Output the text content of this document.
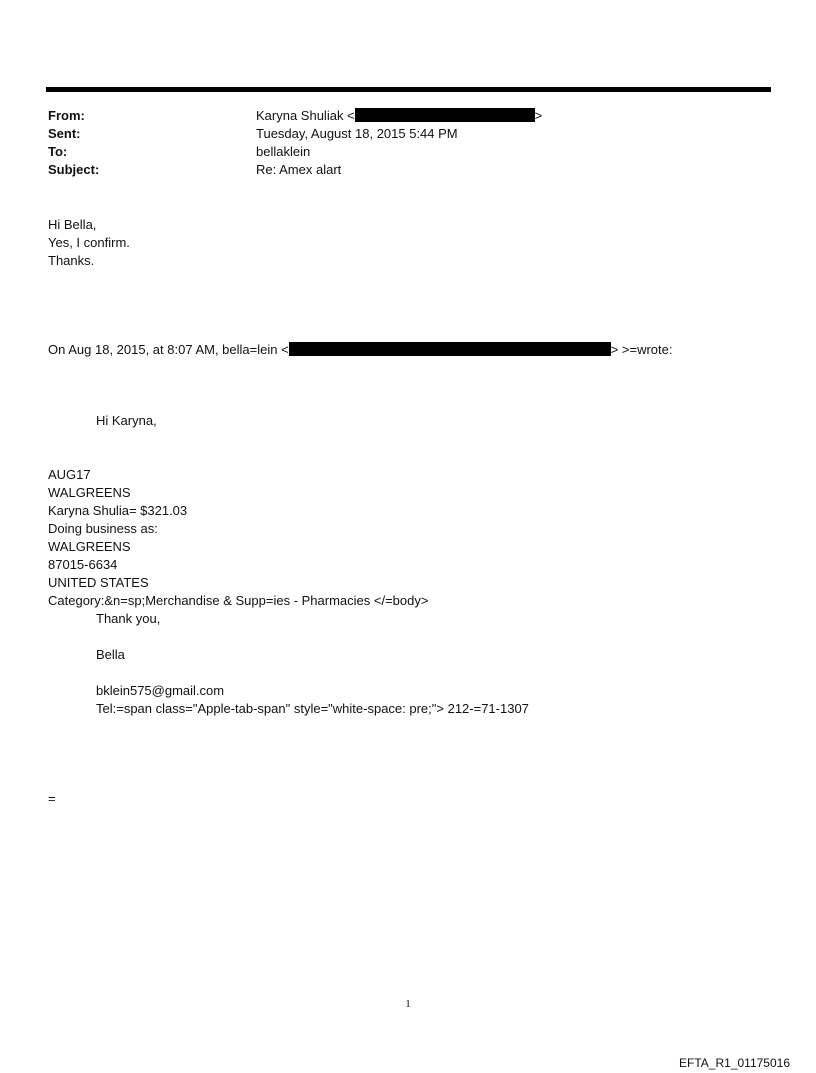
From:	Karyna Shuliak <	>
Sent:	Tuesday, August 18, 2015 5:44 PM
To:	bellaklein
Subject:	Re: Amex alart
Hi Bella,
Yes, I confirm.
Thanks.
On Aug 18, 2015, at 8:07 AM, bella=lein <	> >=wrote:
Hi Karyna,
AUG17
WALGREENS
Karyna Shulia= $321.03
Doing business as:
WALGREENS
87015-6634
UNITED STATES
Category:&n=sp;Merchandise & Supp=ies - Pharmacies </=body>
Thank you,
Bella
bklein575@gmail.com
Tel:=span class="Apple-tab-span" style="white-space: pre;"> 212-=71-1307
=
1
EFTA_R1_01175016
